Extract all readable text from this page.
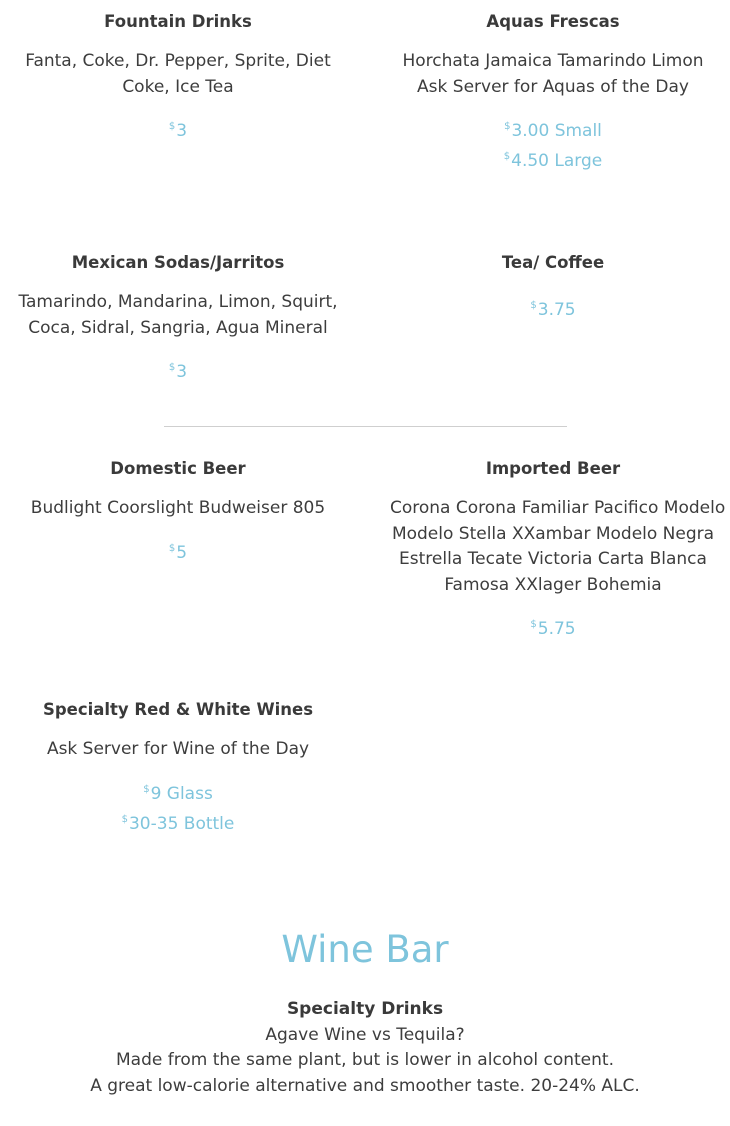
Fountain Drinks
Fanta, Coke, Dr. Pepper, Sprite, Diet
Coke, Ice Tea
$3
Aquas Frescas
Horchata Jamaica Tamarindo Limon
Ask Server for Aquas of the Day
$3.00 Small
$4.50 Large
Mexican Sodas/Jarritos
Tamarindo, Mandarina, Limon, Squirt,
Coca, Sidral, Sangria, Agua Mineral
$3
Tea/ Coffee
$3.75
Domestic Beer
Budlight Coorslight Budweiser 805
$5
Imported Beer
Corona Corona Familiar Pacifico Modelo
Modelo Stella XXambar Modelo Negra
Estrella Tecate Victoria Carta Blanca
Famosa XXlager Bohemia
$5.75
Specialty Red & White Wines
Ask Server for Wine of the Day
$9 Glass
$30-35 Bottle
Wine Bar
Specialty Drinks
Agave Wine vs Tequila?
Made from the same plant, but is lower in alcohol content.
A great low-calorie alternative and smoother taste. 20-24% ALC.
